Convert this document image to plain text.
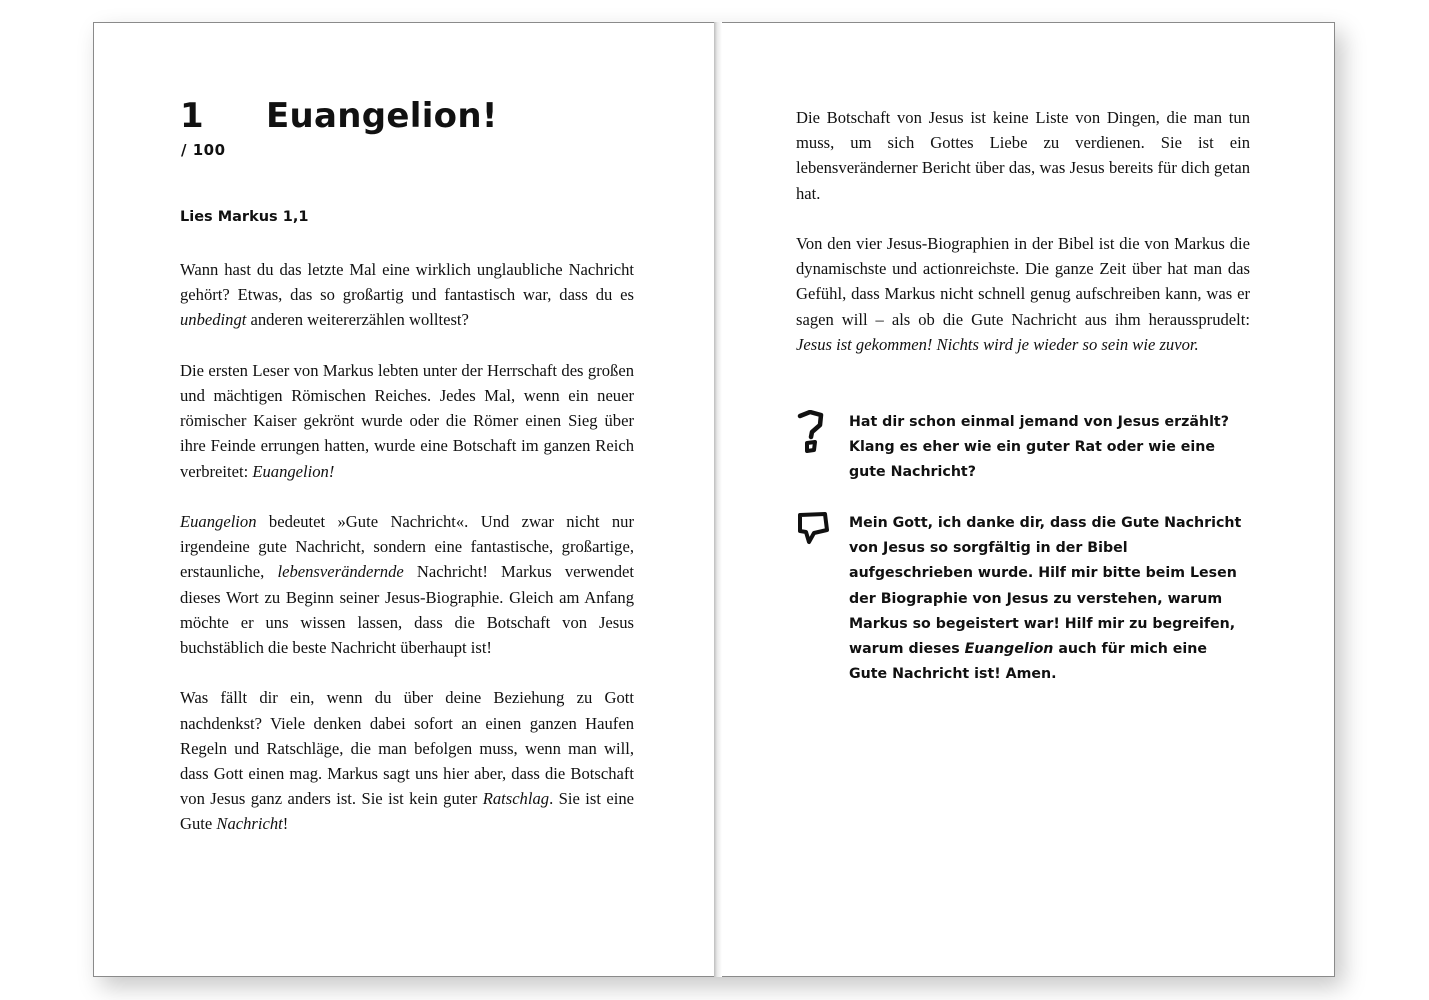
1
/ 100
Euangelion!
Lies Markus 1,1

Wann hast du das letzte Mal eine wirklich unglaubliche Nachricht gehört? Etwas, das so großartig und fantastisch war, dass du es unbedingt anderen weitererzählen wolltest?

Die ersten Leser von Markus lebten unter der Herrschaft des großen und mächtigen Römischen Reiches. Jedes Mal, wenn ein neuer römischer Kaiser gekrönt wurde oder die Römer einen Sieg über ihre Feinde errungen hatten, wurde eine Botschaft im ganzen Reich verbreitet: Euangelion!

Euangelion bedeutet »Gute Nachricht«. Und zwar nicht nur irgendeine gute Nachricht, sondern eine fantastische, großartige, erstaunliche, lebensverändernde Nachricht! Markus verwendet dieses Wort zu Beginn seiner Jesus-Biographie. Gleich am Anfang möchte er uns wissen lassen, dass die Botschaft von Jesus buchstäblich die beste Nachricht überhaupt ist!

Was fällt dir ein, wenn du über deine Beziehung zu Gott nachdenkst? Viele denken dabei sofort an einen ganzen Haufen Regeln und Ratschläge, die man befolgen muss, wenn man will, dass Gott einen mag. Markus sagt uns hier aber, dass die Botschaft von Jesus ganz anders ist. Sie ist kein guter Ratschlag. Sie ist eine Gute Nachricht!

Die Botschaft von Jesus ist keine Liste von Dingen, die man tun muss, um sich Gottes Liebe zu verdienen. Sie ist ein lebensveränderner Bericht über das, was Jesus bereits für dich getan hat.

Von den vier Jesus-Biographien in der Bibel ist die von Markus die dynamischste und actionreichste. Die ganze Zeit über hat man das Gefühl, dass Markus nicht schnell genug aufschreiben kann, was er sagen will – als ob die Gute Nachricht aus ihm heraussprudelt: Jesus ist gekommen! Nichts wird je wieder so sein wie zuvor.

Hat dir schon einmal jemand von Jesus erzählt? Klang es eher wie ein guter Rat oder wie eine gute Nachricht?
Mein Gott, ich danke dir, dass die Gute Nachricht von Jesus so sorgfältig in der Bibel aufgeschrieben wurde. Hilf mir bitte beim Lesen der Biographie von Jesus zu verstehen, warum Markus so begeistert war! Hilf mir zu begreifen, warum dieses Euangelion auch für mich eine Gute Nachricht ist! Amen.
